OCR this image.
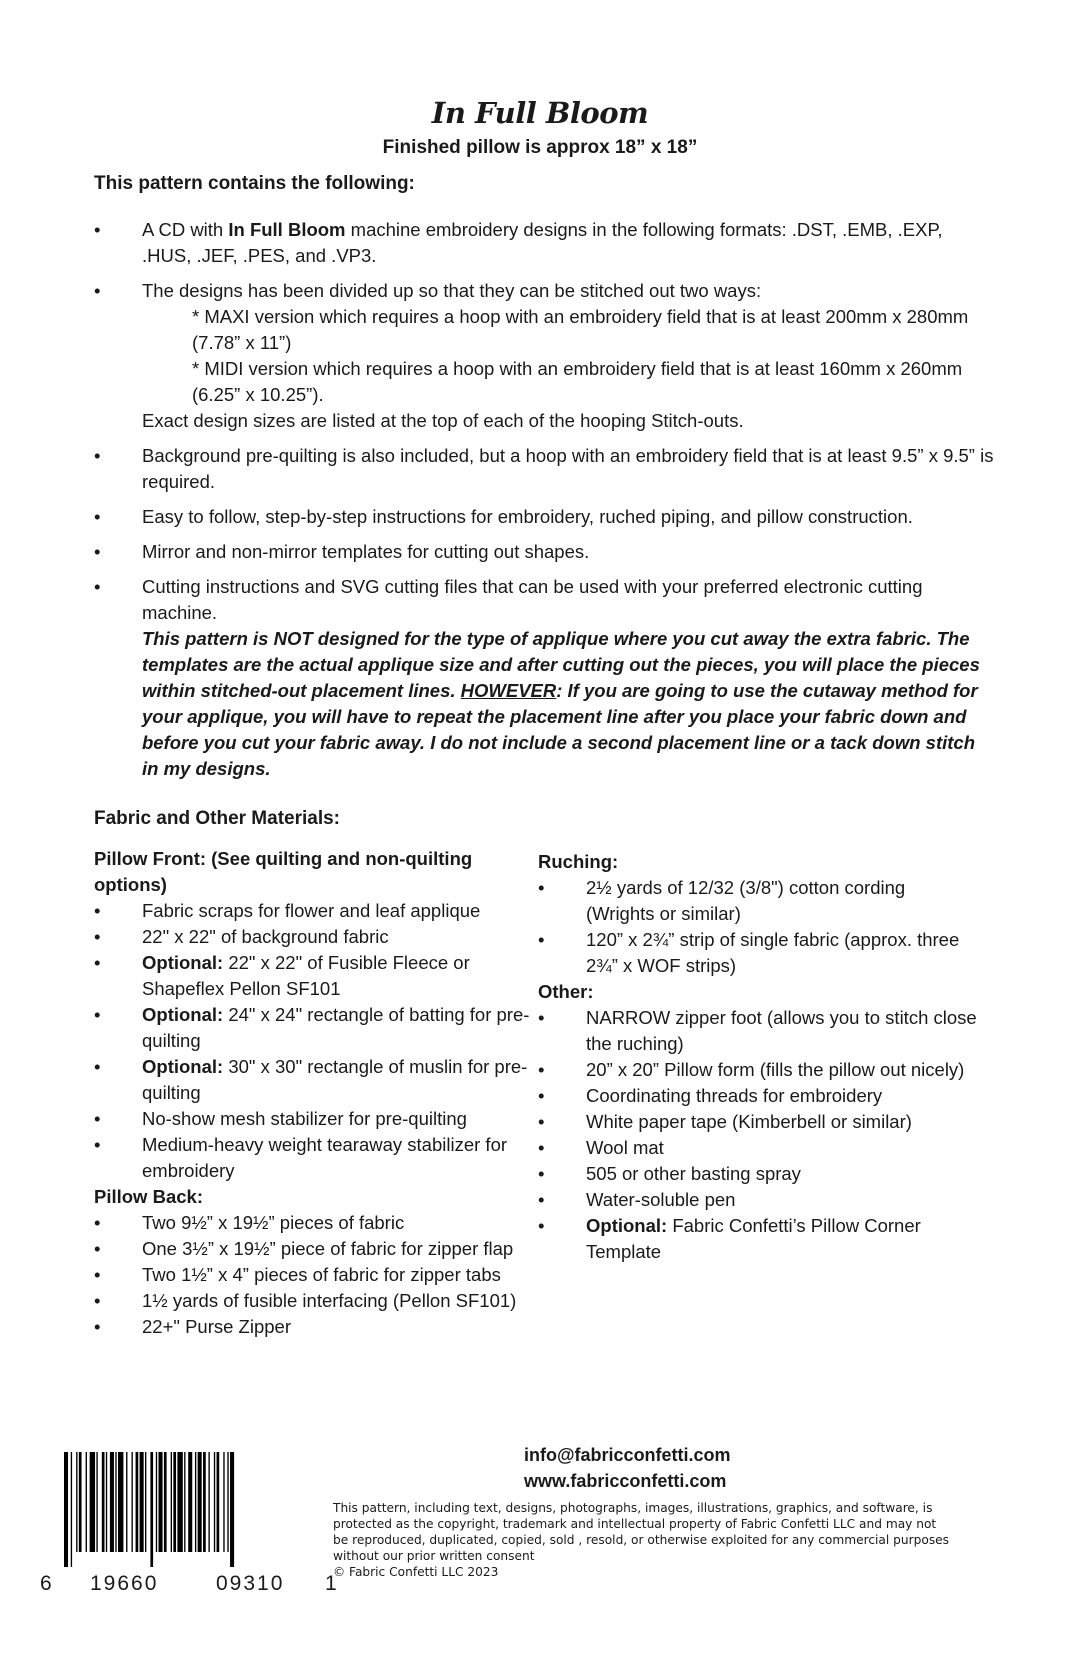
In Full Bloom

Finished pillow is approx 18” x 18”

This pattern contains the following:

•	A CD with In Full Bloom machine embroidery designs in the following formats: .DST, .EMB, .EXP, .HUS, .JEF, .PES, and .VP3.
•	The designs has been divided up so that they can be stitched out two ways:
* MAXI version which requires a hoop with an embroidery field that is at least 200mm x 280mm (7.78” x 11”)
* MIDI version which requires a hoop with an embroidery field that is at least 160mm x 260mm (6.25” x 10.25”).
Exact design sizes are listed at the top of each of the hooping Stitch-outs.
•	Background pre-quilting is also included, but a hoop with an embroidery field that is at least 9.5” x 9.5” is required.
•	Easy to follow, step-by-step instructions for embroidery, ruched piping, and pillow construction.
•	Mirror and non-mirror templates for cutting out shapes.
•	Cutting instructions and SVG cutting files that can be used with your preferred electronic cutting machine.
This pattern is NOT designed for the type of applique where you cut away the extra fabric. The templates are the actual applique size and after cutting out the pieces, you will place the pieces within stitched-out placement lines. HOWEVER: If you are going to use the cutaway method for your applique, you will have to repeat the placement line after you place your fabric down and before you cut your fabric away. I do not include a second placement line or a tack down stitch in my designs.

Fabric and Other Materials:

Pillow Front: (See quilting and non-quilting options)

•	Fabric scraps for flower and leaf applique
•	22" x 22" of background fabric
•	Optional: 22" x 22" of Fusible Fleece or Shapeflex Pellon SF101
•	Optional: 24" x 24" rectangle of batting for pre-quilting
•	Optional: 30" x 30" rectangle of muslin for pre-quilting
•	No-show mesh stabilizer for pre-quilting
•	Medium-heavy weight tearaway stabilizer for embroidery

Pillow Back:

•	Two 9½” x 19½” pieces of fabric
•	One 3½” x 19½” piece of fabric for zipper flap
•	Two 1½” x 4” pieces of fabric for zipper tabs
•	1½ yards of fusible interfacing (Pellon SF101)
•	22+" Purse Zipper

Ruching:

•	2½ yards of 12/32 (3/8") cotton cording (Wrights or similar)
•	120” x 2¾” strip of single fabric (approx. three 2¾” x WOF strips)

Other:

•	NARROW zipper foot (allows you to stitch close the ruching)
•	20” x 20” Pillow form (fills the pillow out nicely)
•	Coordinating threads for embroidery
•	White paper tape (Kimberbell or similar)
•	Wool mat
•	505 or other basting spray
•	Water-soluble pen
•	Optional: Fabric Confetti’s Pillow Corner Template
6 19660	09310 1
info@fabricconfetti.com
www.fabricconfetti.com
This pattern, including text, designs, photographs, images, illustrations, graphics, and software, is protected as the copyright, trademark and intellectual property of Fabric Confetti LLC and may not be reproduced, duplicated, copied, sold , resold, or otherwise exploited for any commercial purposes without our prior written consent
© Fabric Confetti LLC 2023
